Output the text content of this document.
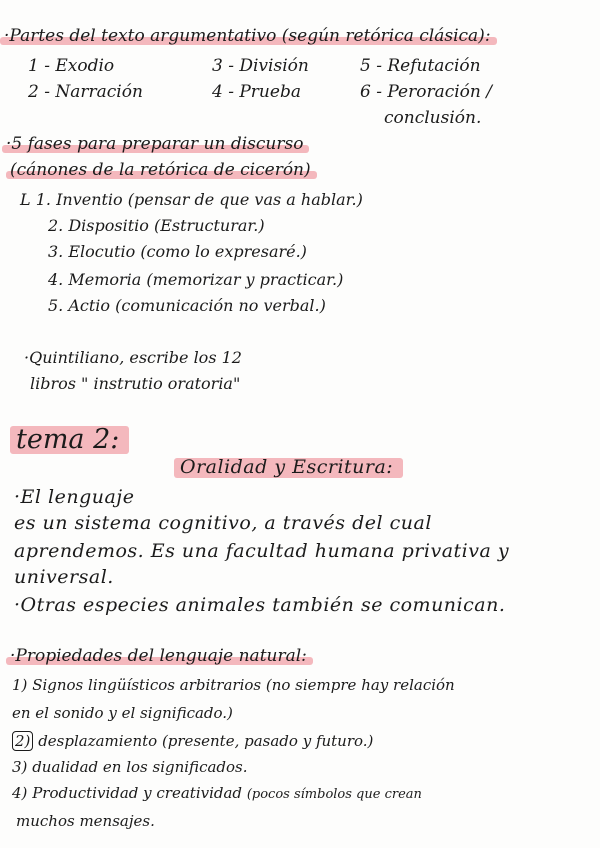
·Partes del texto argumentativo (según retórica clásica):
1 - Exodio
2 - Narración
3 - División
4 - Prueba
5 - Refutación
6 - Peroración /
conclusión.
·5 fases para preparar un discurso
(cánones de la retórica de cicerón)
L 1. Inventio (pensar de que vas a hablar.)
2. Dispositio (Estructurar.)
3. Elocutio (como lo expresaré.)
4. Memoria (memorizar y practicar.)
5. Actio (comunicación no verbal.)
·Quintiliano, escribe los 12
libros " instrutio oratoria"
tema 2:
Oralidad y Escritura:
·El lenguaje
es un sistema cognitivo, a través del cual
aprendemos. Es una facultad humana privativa y
universal.
·Otras especies animales también se comunican.
·Propiedades del lenguaje natural:
1) Signos lingüísticos arbitrarios (no siempre hay relación
en el sonido y el significado.)
2) desplazamiento (presente, pasado y futuro.)
3) dualidad en los significados.
4) Productividad y creatividad (pocos símbolos que crean
muchos mensajes.
